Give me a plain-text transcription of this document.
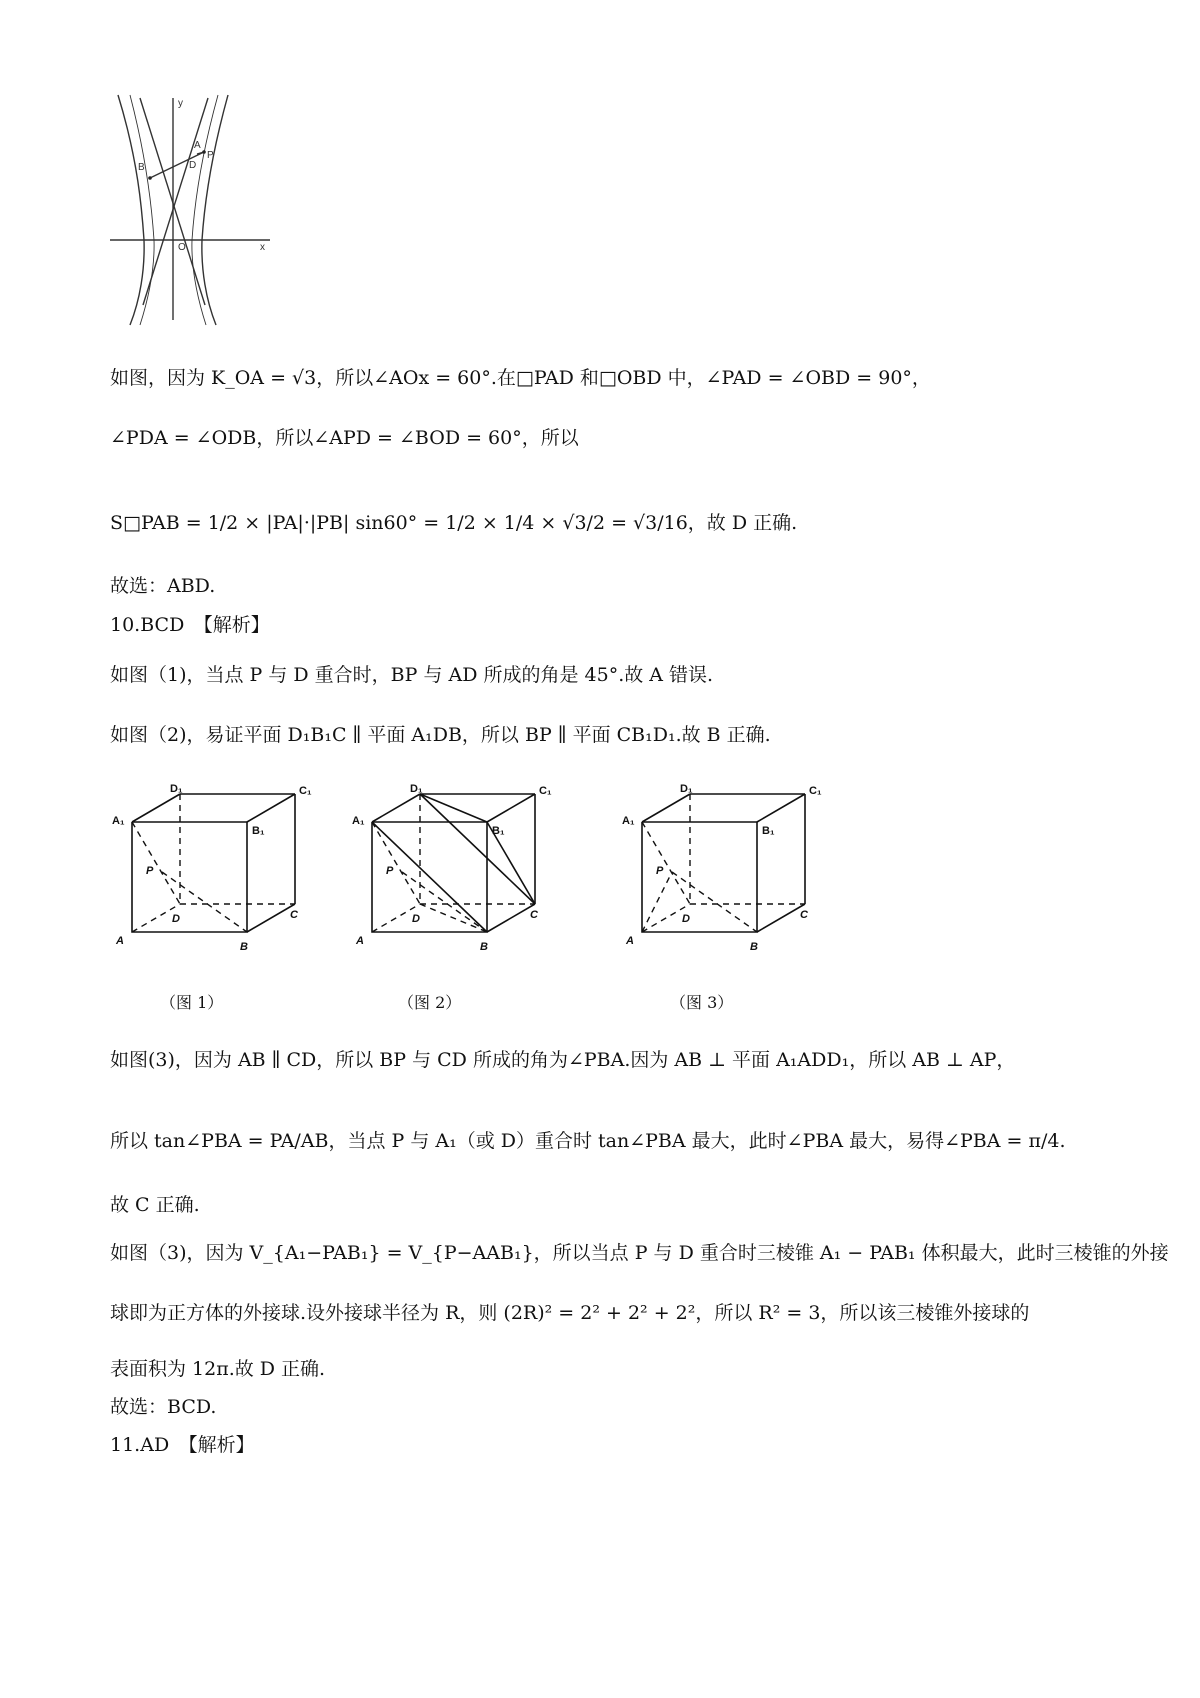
y
x
O
A
P
B	D
如图，因为 K_OA = √3，所以∠AOx = 60°.在□PAD 和□OBD 中，∠PAD = ∠OBD = 90°，
∠PDA = ∠ODB，所以∠APD = ∠BOD = 60°，所以
S□PAB = 1/2 × |PA|·|PB| sin60° = 1/2 × 1/4 × √3/2 = √3/16，故 D 正确.
故选：ABD.
10.BCD　【解析】
如图（1)，当点 P 与 D 重合时，BP 与 AD 所成的角是 45°.故 A 错误.
如图（2)，易证平面 D₁B₁C ∥ 平面 A₁DB，所以 BP ∥ 平面 CB₁D₁.故 B 正确.
D₁	C₁
A₁
B₁
P
D	C
A	B
D₁	C₁
A₁
B₁
P
D	C
A	B
D₁	C₁
A₁
B₁
P
D	C
A	B
（图 1）	（图 2）	（图 3）
如图(3)，因为 AB ∥ CD，所以 BP 与 CD 所成的角为∠PBA.因为 AB ⊥ 平面 A₁ADD₁，所以 AB ⊥ AP，
所以 tan∠PBA = PA/AB，当点 P 与 A₁（或 D）重合时 tan∠PBA 最大，此时∠PBA 最大，易得∠PBA = π/4.
故 C 正确.
如图（3)，因为 V_{A₁−PAB₁} = V_{P−AAB₁}，所以当点 P 与 D 重合时三棱锥 A₁ − PAB₁ 体积最大，此时三棱锥的外接
球即为正方体的外接球.设外接球半径为 R，则 (2R)² = 2² + 2² + 2²，所以 R² = 3，所以该三棱锥外接球的
表面积为 12π.故 D 正确.
故选：BCD.
11.AD　【解析】
